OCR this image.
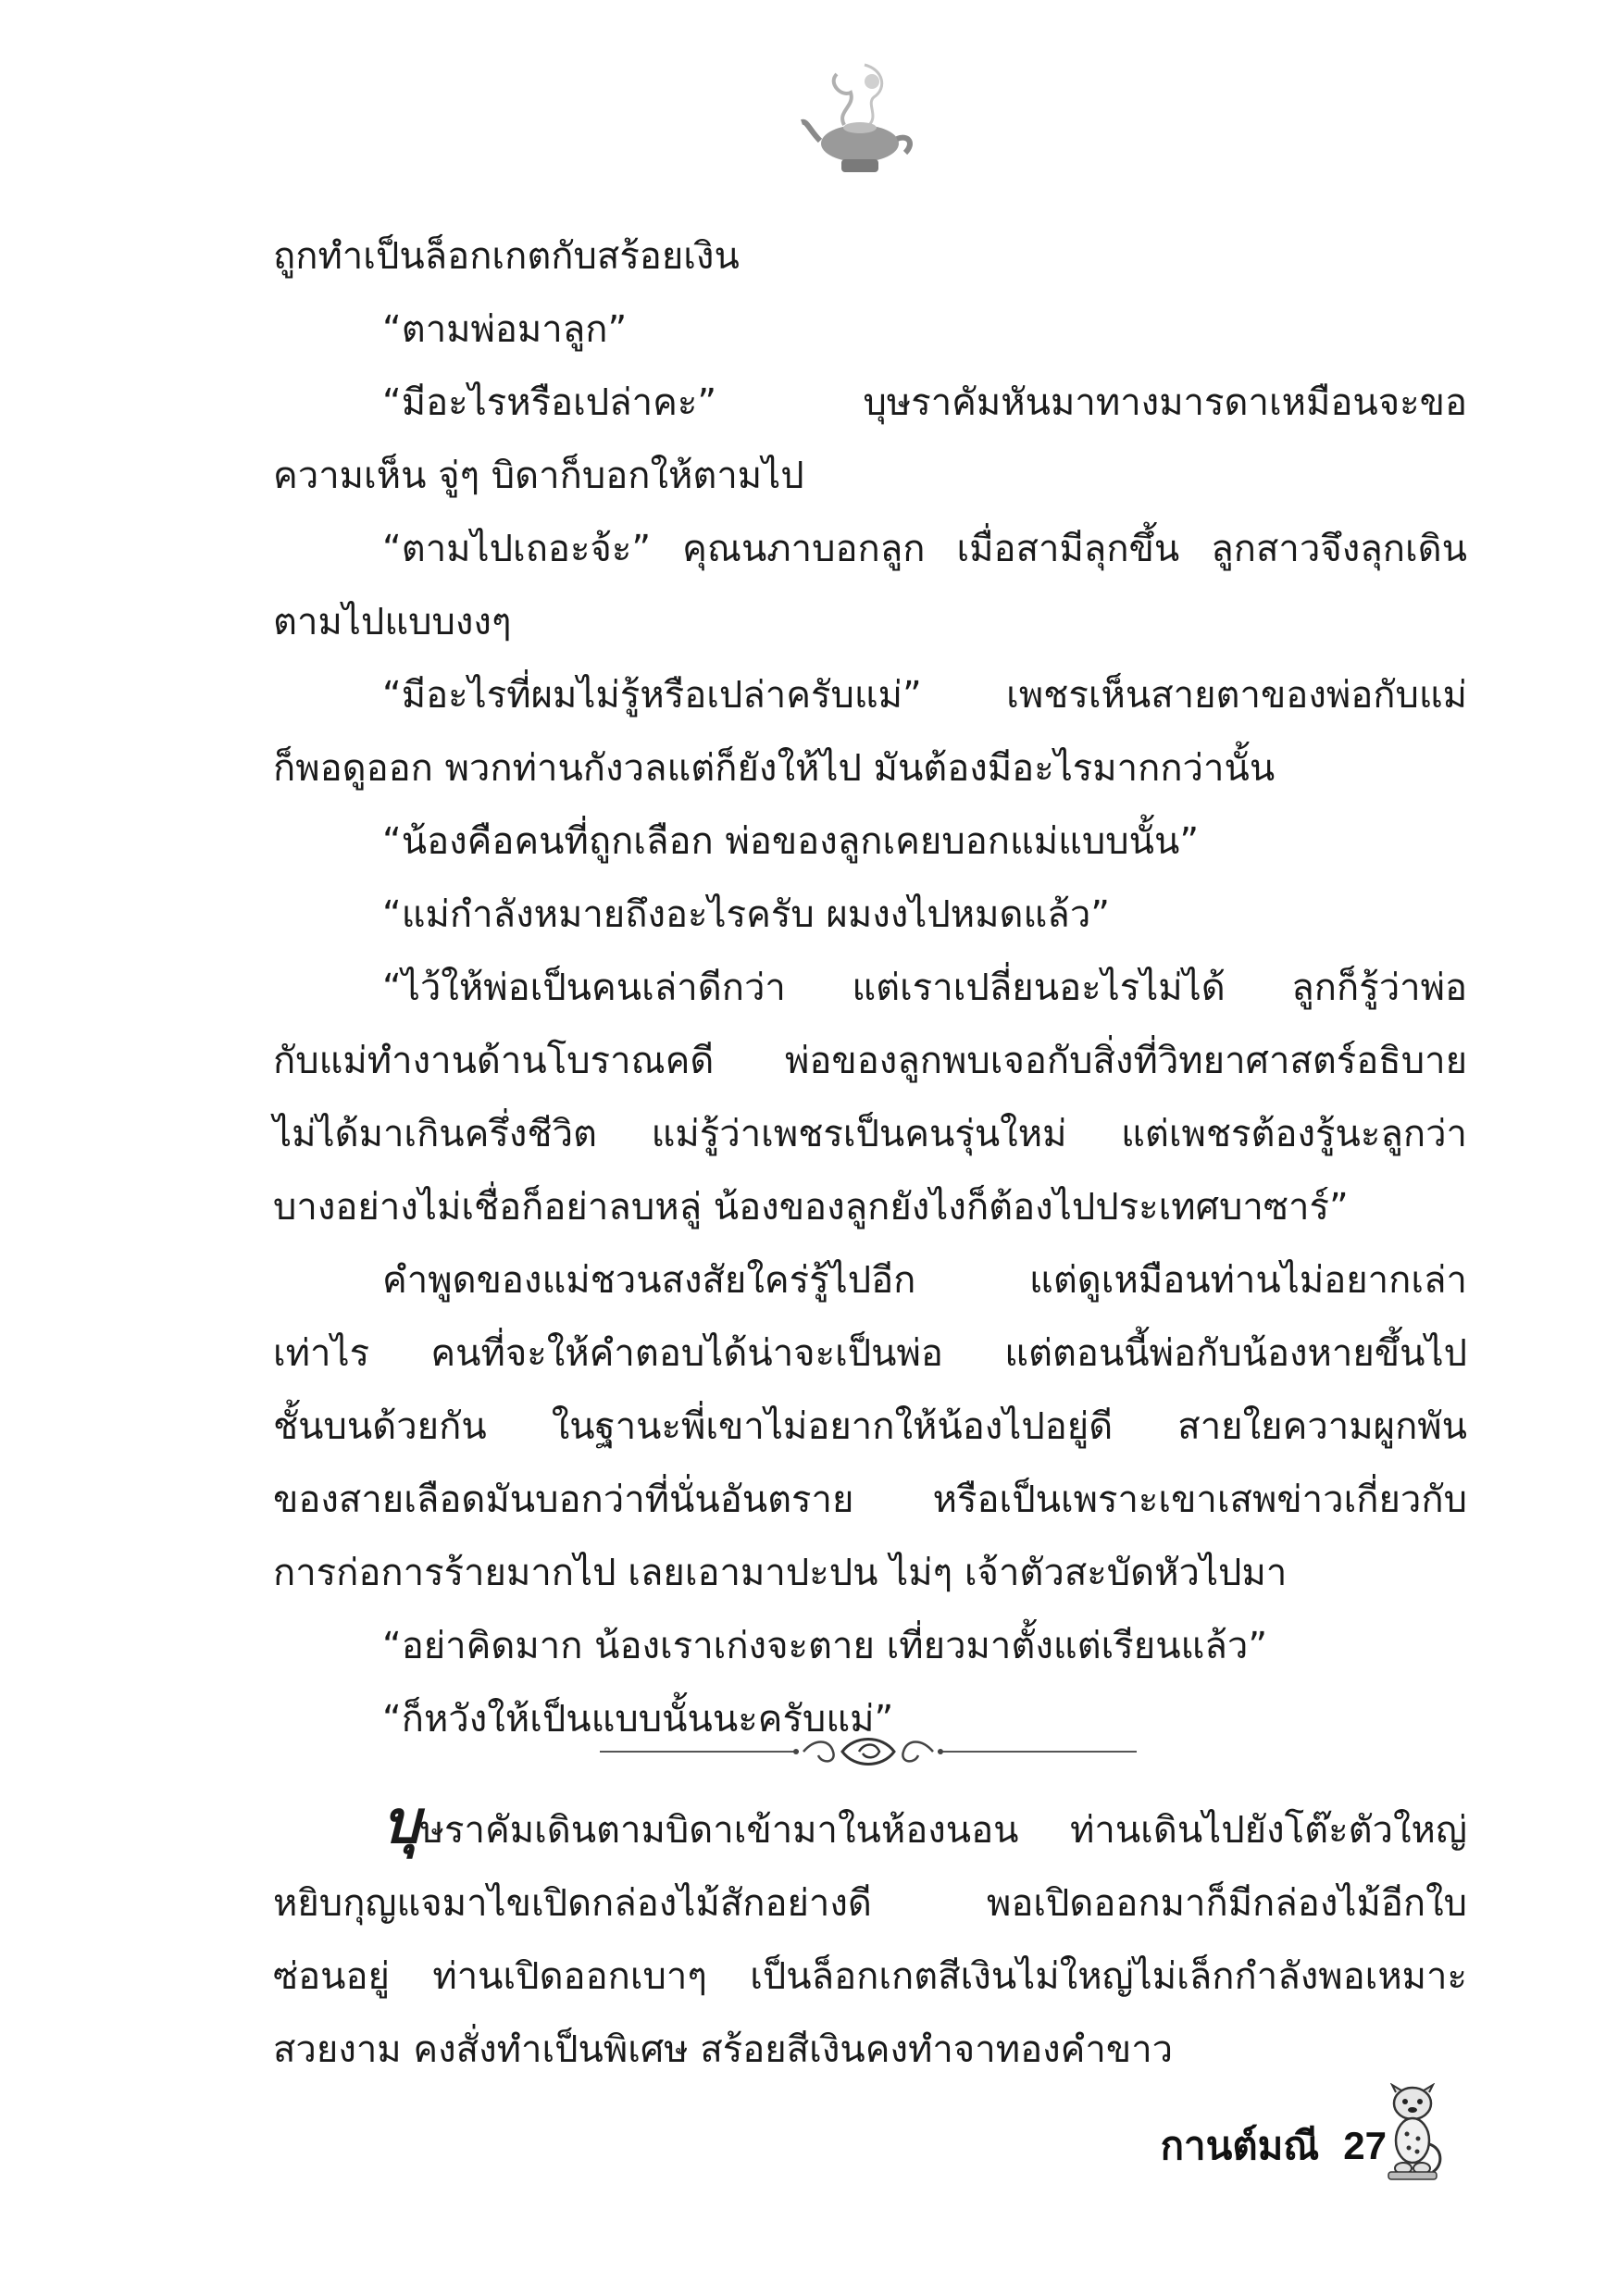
ถูกทำเป็นล็อกเกตกับสร้อยเงิน
“ตามพ่อมาลูก”
“มีอะไรหรือเปล่าคะ” บุษราคัมหันมาทางมารดาเหมือนจะขอ
ความเห็น จู่ๆ บิดาก็บอกให้ตามไป
“ตามไปเถอะจ้ะ” คุณนภาบอกลูก เมื่อสามีลุกขึ้น ลูกสาวจึงลุกเดิน
ตามไปแบบงงๆ
“มีอะไรที่ผมไม่รู้หรือเปล่าครับแม่” เพชรเห็นสายตาของพ่อกับแม่
ก็พอดูออก พวกท่านกังวลแต่ก็ยังให้ไป มันต้องมีอะไรมากกว่านั้น
“น้องคือคนที่ถูกเลือก พ่อของลูกเคยบอกแม่แบบนั้น”
“แม่กำลังหมายถึงอะไรครับ ผมงงไปหมดแล้ว”
“ไว้ให้พ่อเป็นคนเล่าดีกว่า แต่เราเปลี่ยนอะไรไม่ได้ ลูกก็รู้ว่าพ่อ
กับแม่ทำงานด้านโบราณคดี พ่อของลูกพบเจอกับสิ่งที่วิทยาศาสตร์อธิบาย
ไม่ได้มาเกินครึ่งชีวิต แม่รู้ว่าเพชรเป็นคนรุ่นใหม่ แต่เพชรต้องรู้นะลูกว่า
บางอย่างไม่เชื่อก็อย่าลบหลู่ น้องของลูกยังไงก็ต้องไปประเทศบาซาร์”
คำพูดของแม่ชวนสงสัยใคร่รู้ไปอีก แต่ดูเหมือนท่านไม่อยากเล่า
เท่าไร คนที่จะให้คำตอบได้น่าจะเป็นพ่อ แต่ตอนนี้พ่อกับน้องหายขึ้นไป
ชั้นบนด้วยกัน ในฐานะพี่เขาไม่อยากให้น้องไปอยู่ดี สายใยความผูกพัน
ของสายเลือดมันบอกว่าที่นั่นอันตราย หรือเป็นเพราะเขาเสพข่าวเกี่ยวกับ
การก่อการร้ายมากไป เลยเอามาปะปน ไม่ๆ เจ้าตัวสะบัดหัวไปมา
“อย่าคิดมาก น้องเราเก่งจะตาย เที่ยวมาตั้งแต่เรียนแล้ว”
“ก็หวังให้เป็นแบบนั้นนะครับแม่”
บุษราคัมเดินตามบิดาเข้ามาในห้องนอน ท่านเดินไปยังโต๊ะตัวใหญ่
หยิบกุญแจมาไขเปิดกล่องไม้สักอย่างดี พอเปิดออกมาก็มีกล่องไม้อีกใบ
ซ่อนอยู่ ท่านเปิดออกเบาๆ เป็นล็อกเกตสีเงินไม่ใหญ่ไม่เล็กกำลังพอเหมาะ
สวยงาม คงสั่งทำเป็นพิเศษ สร้อยสีเงินคงทำจาทองคำขาว
กานต์มณี 27
